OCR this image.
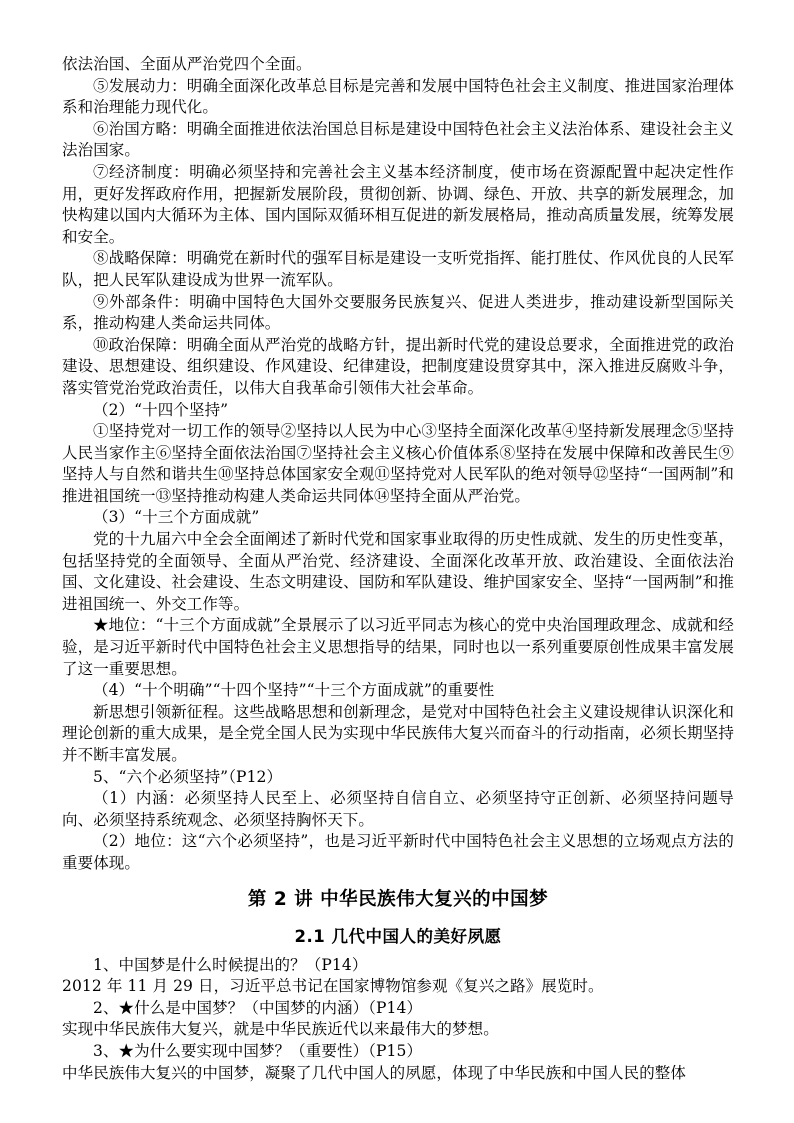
依法治国、全面从严治党四个全面。

⑤发展动力：明确全面深化改革总目标是完善和发展中国特色社会主义制度、推进国家治理体系和治理能力现代化。

⑥治国方略：明确全面推进依法治国总目标是建设中国特色社会主义法治体系、建设社会主义法治国家。

⑦经济制度：明确必须坚持和完善社会主义基本经济制度，使市场在资源配置中起决定性作用，更好发挥政府作用，把握新发展阶段，贯彻创新、协调、绿色、开放、共享的新发展理念，加快构建以国内大循环为主体、国内国际双循环相互促进的新发展格局，推动高质量发展，统筹发展和安全。

⑧战略保障：明确党在新时代的强军目标是建设一支听党指挥、能打胜仗、作风优良的人民军队，把人民军队建设成为世界一流军队。

⑨外部条件：明确中国特色大国外交要服务民族复兴、促进人类进步，推动建设新型国际关系，推动构建人类命运共同体。

⑩政治保障：明确全面从严治党的战略方针，提出新时代党的建设总要求，全面推进党的政治建设、思想建设、组织建设、作风建设、纪律建设，把制度建设贯穿其中，深入推进反腐败斗争，落实管党治党政治责任，以伟大自我革命引领伟大社会革命。

（2）“十四个坚持”

①坚持党对一切工作的领导②坚持以人民为中心③坚持全面深化改革④坚持新发展理念⑤坚持人民当家作主⑥坚持全面依法治国⑦坚持社会主义核心价值体系⑧坚持在发展中保障和改善民生⑨坚持人与自然和谐共生⑩坚持总体国家安全观⑪坚持党对人民军队的绝对领导⑫坚持“一国两制”和推进祖国统一⑬坚持推动构建人类命运共同体⑭坚持全面从严治党。

（3）“十三个方面成就”

党的十九届六中全会全面阐述了新时代党和国家事业取得的历史性成就、发生的历史性变革，包括坚持党的全面领导、全面从严治党、经济建设、全面深化改革开放、政治建设、全面依法治国、文化建设、社会建设、生态文明建设、国防和军队建设、维护国家安全、坚持“一国两制”和推进祖国统一、外交工作等。

★地位：“十三个方面成就”全景展示了以习近平同志为核心的党中央治国理政理念、成就和经验，是习近平新时代中国特色社会主义思想指导的结果，同时也以一系列重要原创性成果丰富发展了这一重要思想。

（4）“十个明确”“十四个坚持”“十三个方面成就”的重要性

新思想引领新征程。这些战略思想和创新理念，是党对中国特色社会主义建设规律认识深化和理论创新的重大成果，是全党全国人民为实现中华民族伟大复兴而奋斗的行动指南，必须长期坚持并不断丰富发展。

5、“六个必须坚持”（P12）

（1）内涵：必须坚持人民至上、必须坚持自信自立、必须坚持守正创新、必须坚持问题导向、必须坚持系统观念、必须坚持胸怀天下。

（2）地位：这“六个必须坚持”，也是习近平新时代中国特色社会主义思想的立场观点方法的重要体现。

第 2 讲 中华民族伟大复兴的中国梦
2.1 几代中国人的美好夙愿

1、中国梦是什么时候提出的？（P14）

2012 年 11 月 29 日，习近平总书记在国家博物馆参观《复兴之路》展览时。

2、★什么是中国梦？（中国梦的内涵）（P14）

实现中华民族伟大复兴，就是中华民族近代以来最伟大的梦想。

3、★为什么要实现中国梦？（重要性）（P15）

中华民族伟大复兴的中国梦，凝聚了几代中国人的夙愿，体现了中华民族和中国人民的整体
